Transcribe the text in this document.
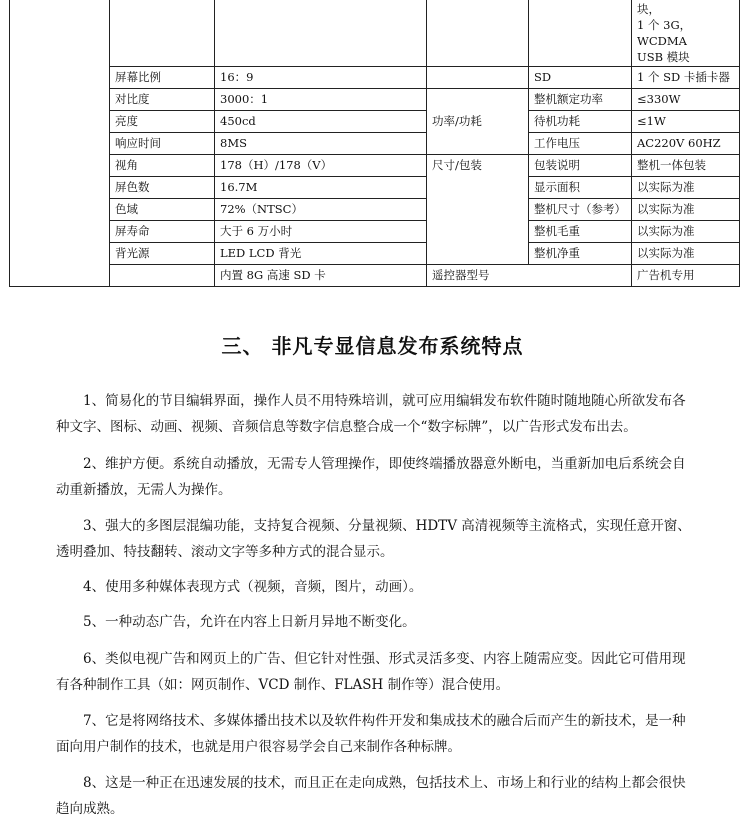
					块，
1 个 3G，WCDMA
USB 模块

	屏幕比例	16：9		SD	1 个 SD 卡插卡器
	对比度	3000：1	功率/功耗	整机额定功率	≤330W
	亮度	450cd		待机功耗	≤1W
	响应时间	8MS		工作电压	AC220V 60HZ
	视角	178（H）/178（V）	尺寸/包装	包装说明	整机一体包装
	屏色数	16.7M		显示面积	以实际为准
	色域	72%（NTSC）		整机尺寸（参考）	以实际为准
	屏寿命	大于 6 万小时		整机毛重	以实际为准
	背光源	LED LCD 背光		整机净重	以实际为准
		内置 8G 高速 SD 卡	遥控器型号		广告机专用
三、 非凡专显信息发布系统特点
1、简易化的节目编辑界面，操作人员不用特殊培训，就可应用编辑发布软件随时随地随心所欲发布各种文字、图标、动画、视频、音频信息等数字信息整合成一个“数字标牌”，以广告形式发布出去。
2、维护方便。系统自动播放，无需专人管理操作，即使终端播放器意外断电，当重新加电后系统会自动重新播放，无需人为操作。
3、强大的多图层混编功能，支持复合视频、分量视频、HDTV 高清视频等主流格式，实现任意开窗、透明叠加、特技翻转、滚动文字等多种方式的混合显示。
4、使用多种媒体表现方式（视频，音频，图片，动画）。
5、一种动态广告，允许在内容上日新月异地不断变化。
6、类似电视广告和网页上的广告、但它针对性强、形式灵活多变、内容上随需应变。因此它可借用现有各种制作工具（如：网页制作、VCD 制作、FLASH 制作等）混合使用。
7、它是将网络技术、多媒体播出技术以及软件构件开发和集成技术的融合后而产生的新技术，是一种面向用户制作的技术，也就是用户很容易学会自己来制作各种标牌。
8、这是一种正在迅速发展的技术，而且正在走向成熟，包括技术上、市场上和行业的结构上都会很快趋向成熟。
